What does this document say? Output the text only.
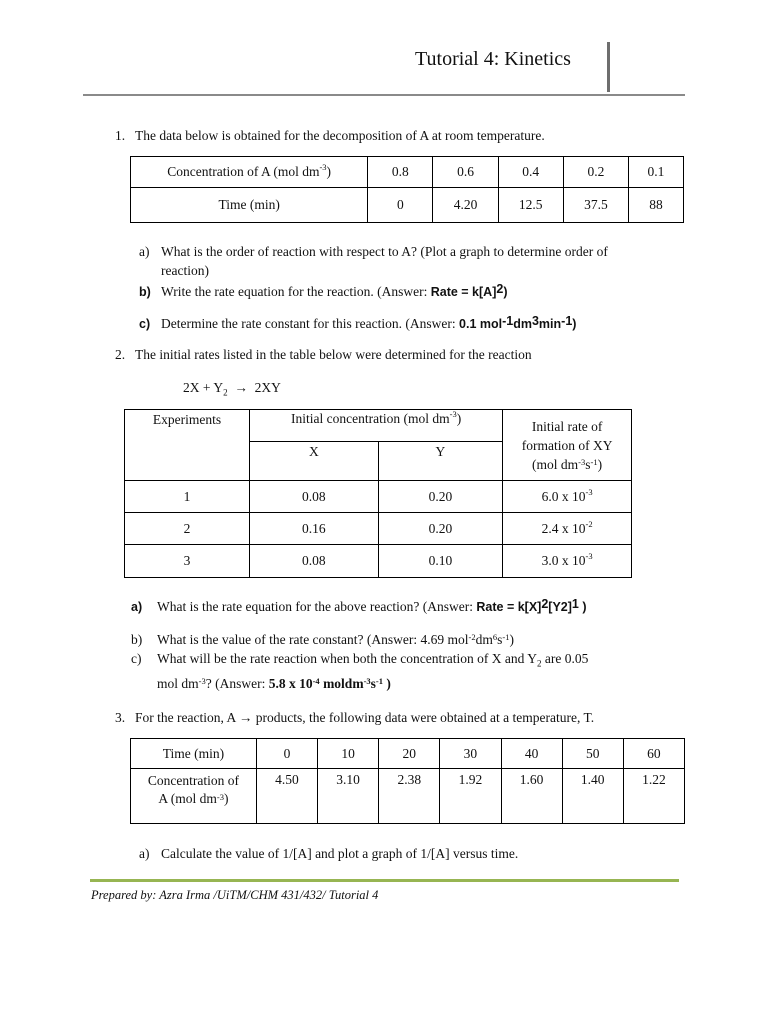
Tutorial 4: Kinetics
1. The data below is obtained for the decomposition of A at room temperature.
Concentration of A (mol $dm^{-3}$)	0.8	0.6	0.4	0.2	0.1
Time (min)	0	4.20	12.5	37.5	88
a) What is the order of reaction with respect to A? (Plot a graph to determine order of
reaction)
b) Write the rate equation for the reaction. (Answer: Rate = $k[A]^2$)
c) Determine the rate constant for this reaction. (Answer: 0.1 $mol^{-1}dm^3\min^{-1}$)
2. The initial rates listed in the table below were determined for the reaction
$2X + Y_2 \to 2XY$
Experiments	Initial concentration (mol $dm^{-3}$)		Initial rate of
formation of XY
(mol $dm^{-3}s^{-1}$)

	X	Y	
1	0.08	0.20	6.0 x $10^{-3}$
2	0.16	0.20	2.4 x $10^{-2}$
3	0.08	0.10	3.0 x $10^{-3}$
a) What is the rate equation for the above reaction? (Answer: Rate = $k[X]^2[Y2]^1$ )
b) What is the value of the rate constant? (Answer: 4.69 $mol^{-2}dm^6s^{-1}$)
c) What will be the rate reaction when both the concentration of X and $Y_2$ are 0.05
mol $dm^{-3}$? (Answer: 5.8 x $10^{-4}$ $moldm^{-3}s^{-1}$ )
3. For the reaction, A → products, the following data were obtained at a temperature, T.
Time (min)	0	10	20	30	40	50	60

Concentration of
A (mol $dm^{-3}$)	4.50	3.10	2.38	1.92	1.60	1.40	1.22
a) Calculate the value of 1/[A] and plot a graph of 1/[A] versus time.
Prepared by: Azra Irma /UiTM/CHM 431/432/ Tutorial 4
